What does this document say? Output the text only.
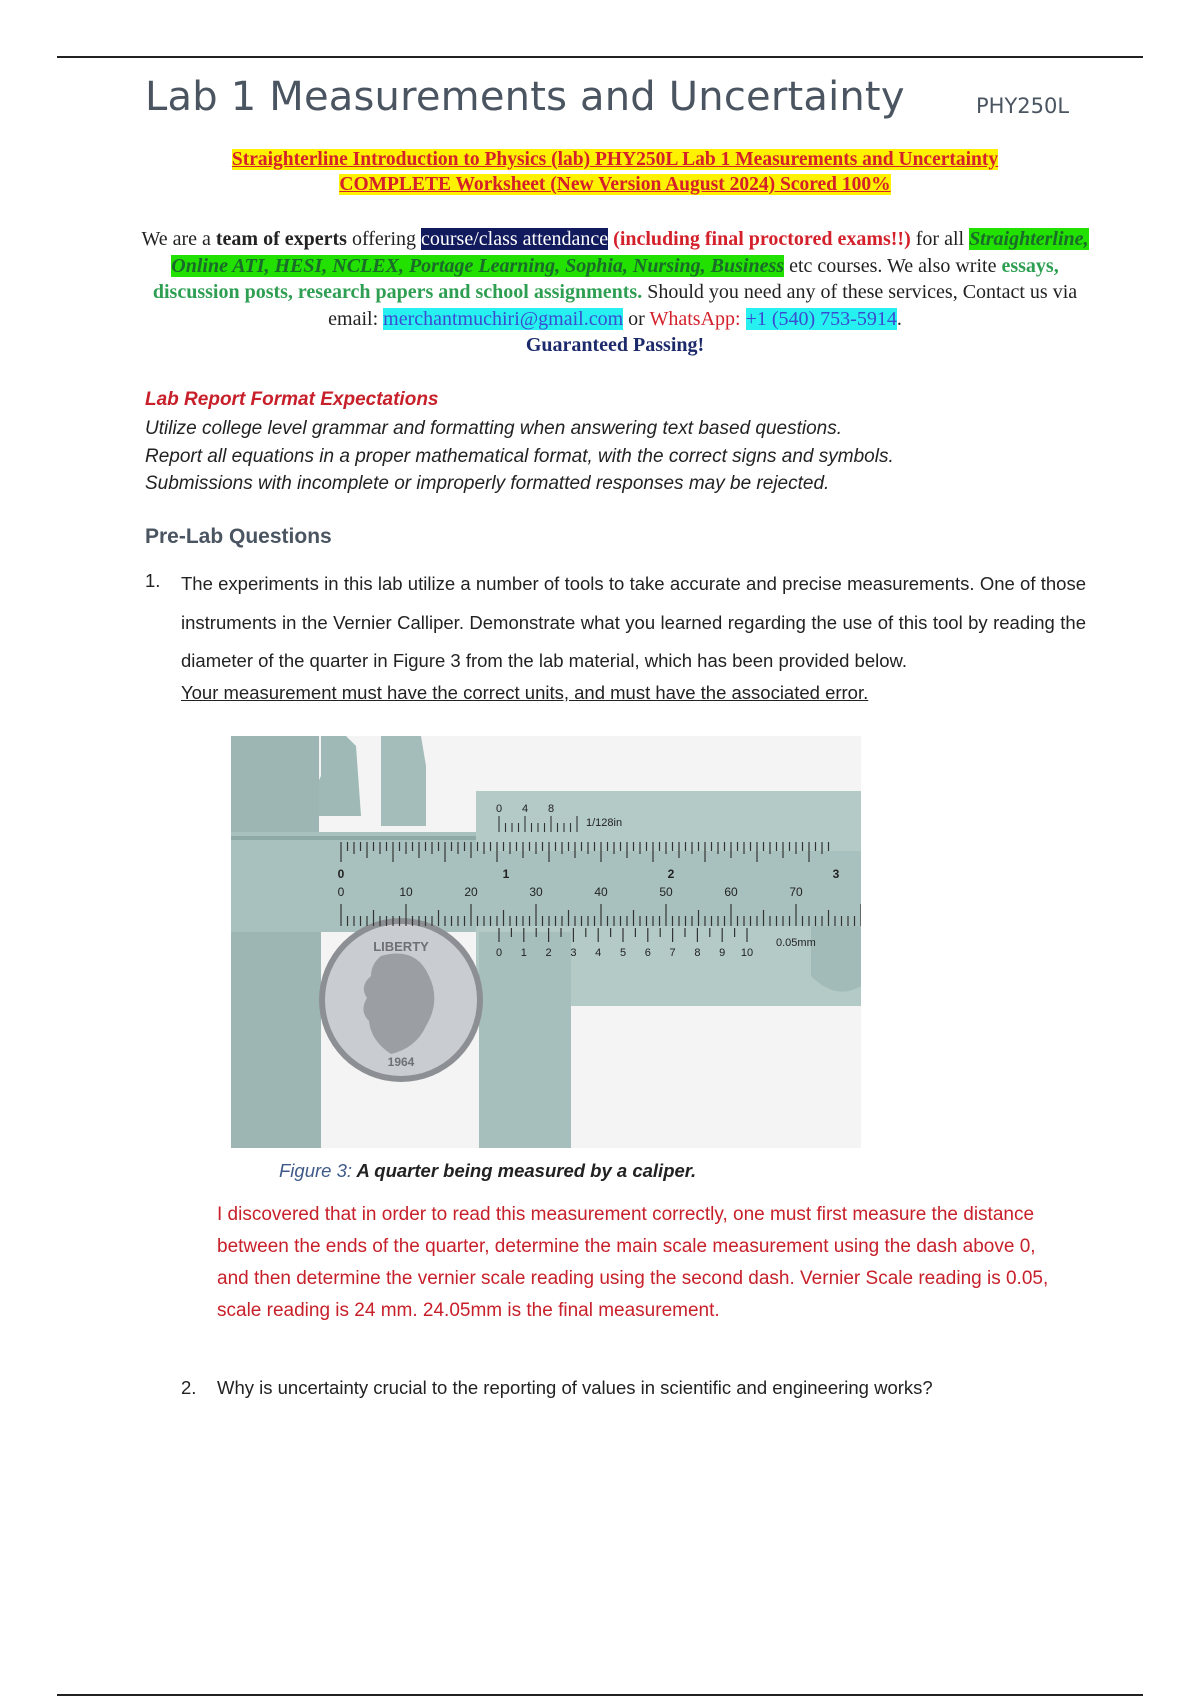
Lab 1 Measurements and Uncertainty	PHY250L
Straighterline Introduction to Physics (lab) PHY250L Lab 1 Measurements and Uncertainty
COMPLETE Worksheet (New Version August 2024) Scored 100%
We are a team of experts offering course/class attendance (including final proctored exams!!) for all Straighterline, Online ATI, HESI, NCLEX, Portage Learning, Sophia, Nursing, Business etc courses. We also write essays, discussion posts, research papers and school assignments. Should you need any of these services, Contact us via email: merchantmuchiri@gmail.com or WhatsApp: +1 (540) 753-5914.
Guaranteed Passing!
Lab Report Format Expectations
Utilize college level grammar and formatting when answering text based questions.
Report all equations in a proper mathematical format, with the correct signs and symbols.
Submissions with incomplete or improperly formatted responses may be rejected.
Pre-Lab Questions
1. The experiments in this lab utilize a number of tools to take accurate and precise measurements. One of those instruments in the Vernier Calliper. Demonstrate what you learned regarding the use of this tool by reading the diameter of the quarter in Figure 3 from the lab material, which has been provided below.
Your measurement must have the correct units, and must have the associated error.
LIBERTY
1964
0 4 8
1/128in
0	1	2	3
0	10	20	30	40	50	60	70
0 1 2 3 4 5 6 7 8 9 10
0.05mm
Figure 3: A quarter being measured by a caliper.
I discovered that in order to read this measurement correctly, one must first measure the distance between the ends of the quarter, determine the main scale measurement using the dash above 0, and then determine the vernier scale reading using the second dash. Vernier Scale reading is 0.05, scale reading is 24 mm. 24.05mm is the final measurement.
2. Why is uncertainty crucial to the reporting of values in scientific and engineering works?
